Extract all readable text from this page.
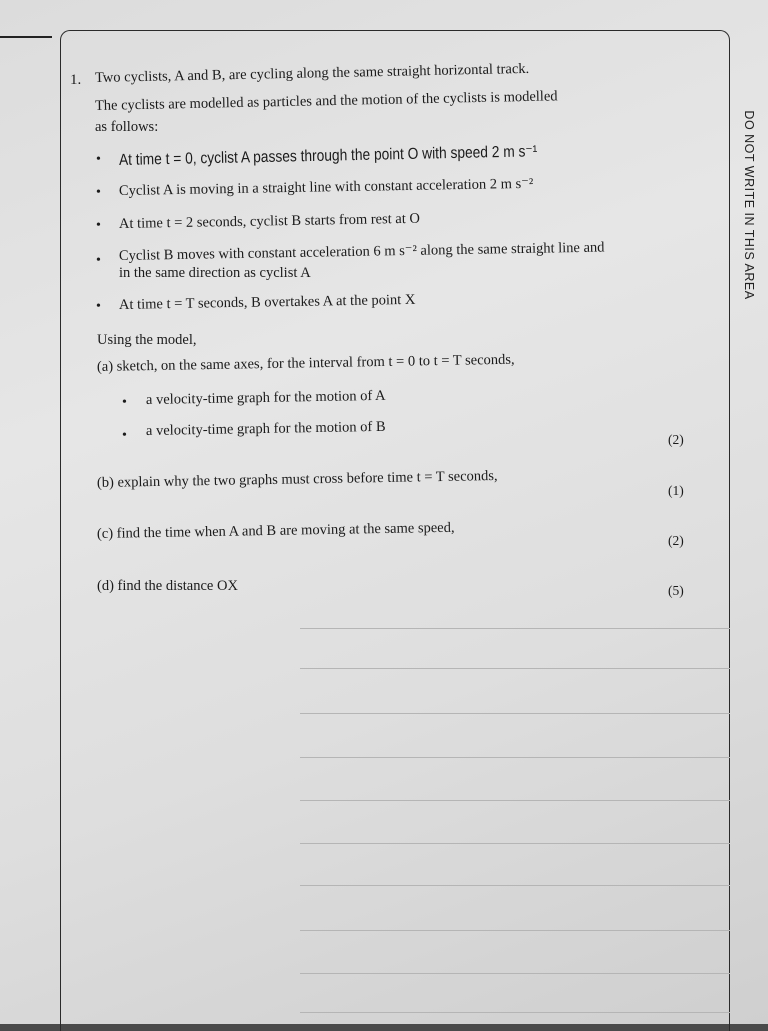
DO NOT WRITE IN THIS AREA
1. Two cyclists, A and B, are cycling along the same straight horizontal track.
The cyclists are modelled as particles and the motion of the cyclists is modelled
as follows:
• At time t = 0, cyclist A passes through the point O with speed 2 m s⁻¹
• Cyclist A is moving in a straight line with constant acceleration 2 m s⁻²
• At time t = 2 seconds, cyclist B starts from rest at O
• Cyclist B moves with constant acceleration 6 m s⁻² along the same straight line and
in the same direction as cyclist A
• At time t = T seconds, B overtakes A at the point X
Using the model,
(a) sketch, on the same axes, for the interval from t = 0 to t = T seconds,
• a velocity-time graph for the motion of A
• a velocity-time graph for the motion of B
(2)
(b) explain why the two graphs must cross before time t = T seconds,	(1)
(c) find the time when A and B are moving at the same speed,	(2)
(d) find the distance OX	(5)
